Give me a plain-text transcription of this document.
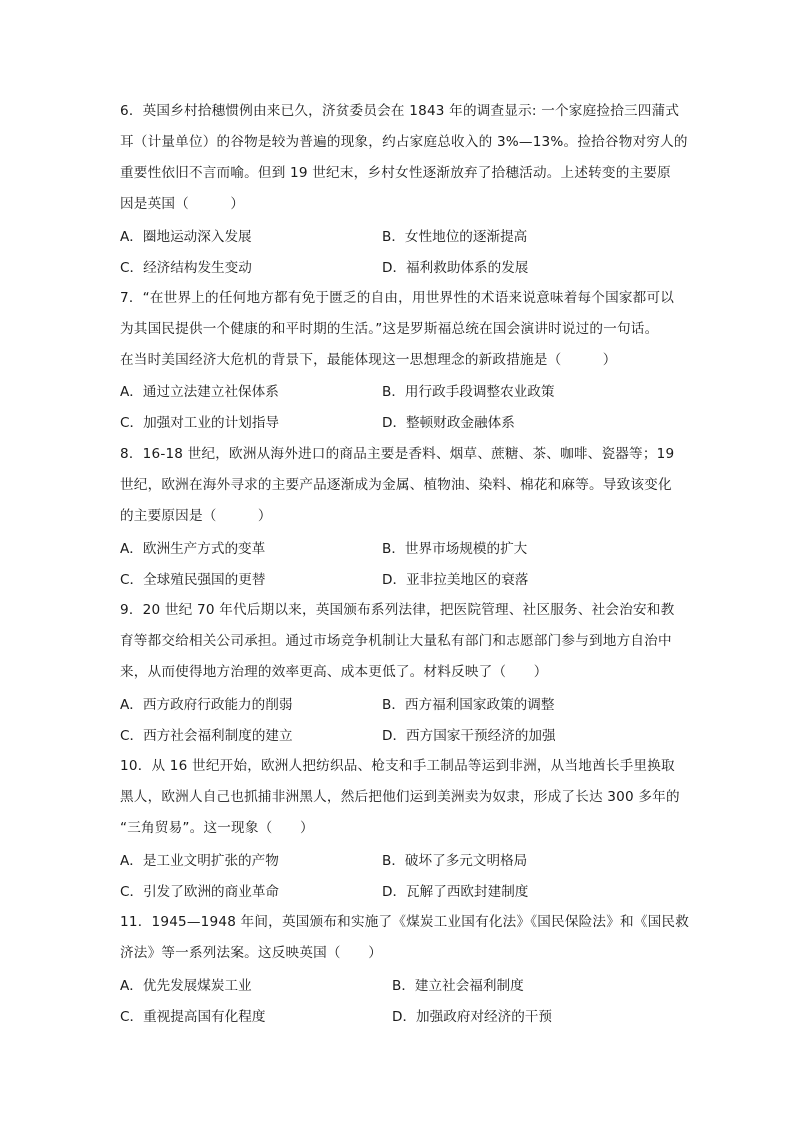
6．英国乡村拾穗惯例由来已久，济贫委员会在 1843 年的调查显示: 一个家庭捡拾三四蒲式
耳（计量单位）的谷物是较为普遍的现象，约占家庭总收入的 3%—13%。捡拾谷物对穷人的
重要性依旧不言而喻。但到 19 世纪末，乡村女性逐渐放弃了拾穗活动。上述转变的主要原
因是英国（　　　）
A．圈地运动深入发展	B．女性地位的逐渐提高
C．经济结构发生变动	D．福利救助体系的发展
7．“在世界上的任何地方都有免于匮乏的自由，用世界性的术语来说意味着每个国家都可以
为其国民提供一个健康的和平时期的生活。”这是罗斯福总统在国会演讲时说过的一句话。
在当时美国经济大危机的背景下，最能体现这一思想理念的新政措施是（　　　）
A．通过立法建立社保体系	B．用行政手段调整农业政策
C．加强对工业的计划指导	D．整顿财政金融体系
8．16-18 世纪，欧洲从海外进口的商品主要是香料、烟草、蔗糖、茶、咖啡、瓷器等；19
世纪，欧洲在海外寻求的主要产品逐渐成为金属、植物油、染料、棉花和麻等。导致该变化
的主要原因是（　　　）
A．欧洲生产方式的变革	B．世界市场规模的扩大
C．全球殖民强国的更替	D．亚非拉美地区的衰落
9．20 世纪 70 年代后期以来，英国颁布系列法律，把医院管理、社区服务、社会治安和教
育等都交给相关公司承担。通过市场竞争机制让大量私有部门和志愿部门参与到地方自治中
来，从而使得地方治理的效率更高、成本更低了。材料反映了（　　）
A．西方政府行政能力的削弱	B．西方福利国家政策的调整
C．西方社会福利制度的建立	D．西方国家干预经济的加强
10．从 16 世纪开始，欧洲人把纺织品、枪支和手工制品等运到非洲，从当地酋长手里换取
黑人，欧洲人自己也抓捕非洲黑人，然后把他们运到美洲卖为奴隶，形成了长达 300 多年的
“三角贸易”。这一现象（　　）
A．是工业文明扩张的产物	B．破坏了多元文明格局
C．引发了欧洲的商业革命	D．瓦解了西欧封建制度
11．1945—1948 年间，英国颁布和实施了《煤炭工业国有化法》《国民保险法》和《国民救
济法》等一系列法案。这反映英国（　　）
A．优先发展煤炭工业	B．建立社会福利制度
C．重视提高国有化程度	D．加强政府对经济的干预
